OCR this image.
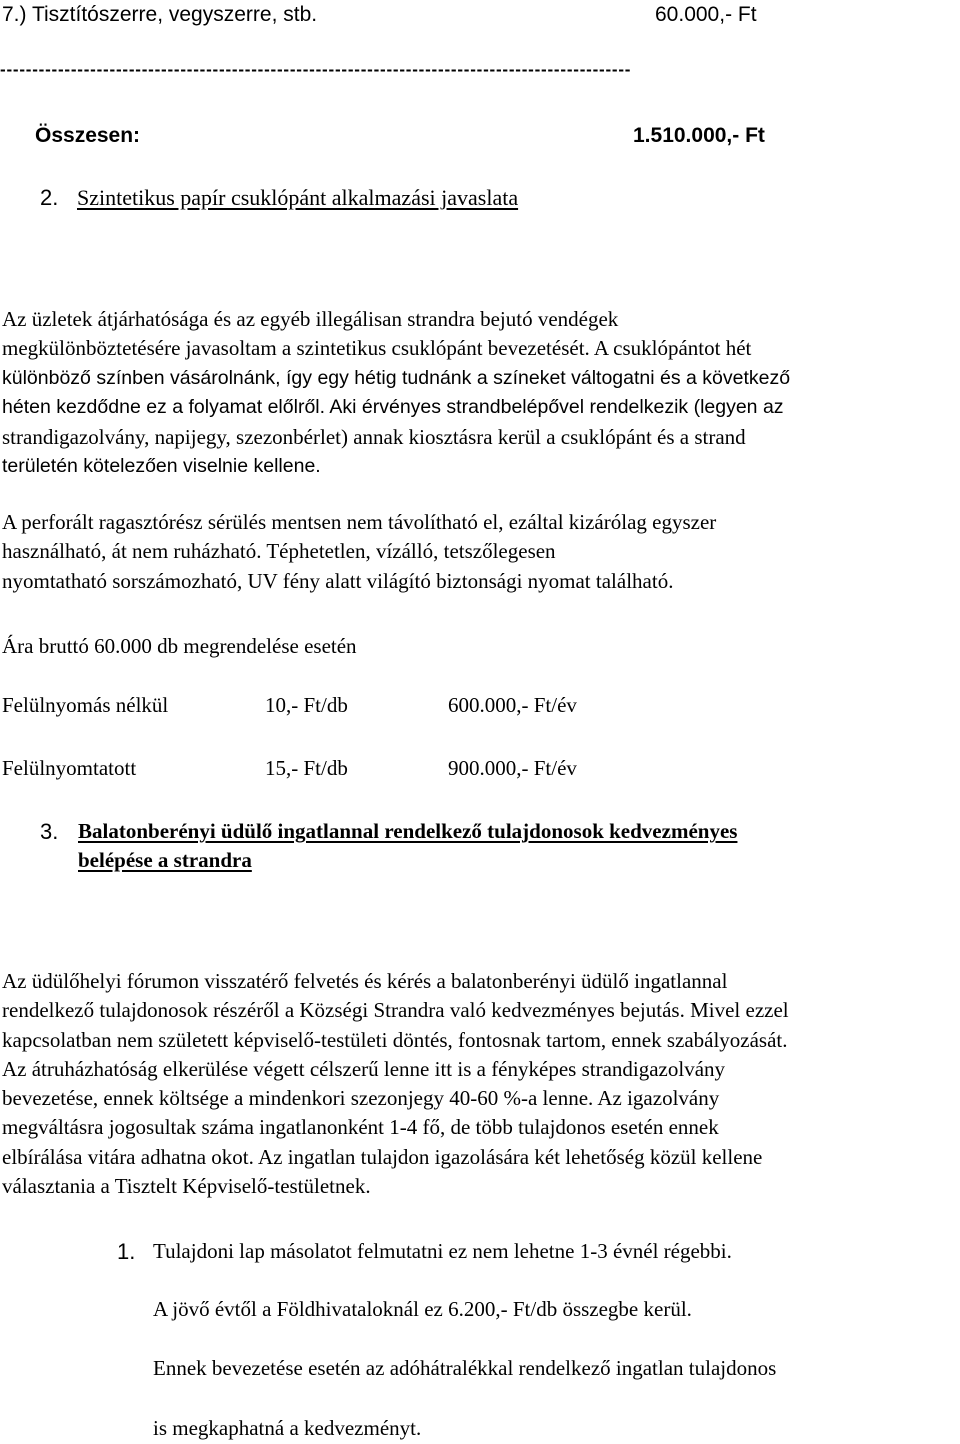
7.) Tisztítószerre, vegyszerre, stb.	60.000,- Ft
--------------------------------------------------------------------------------------------------
Összesen:	1.510.000,- Ft
2. Szintetikus papír csuklópánt alkalmazási javaslata
Az üzletek átjárhatósága és az egyéb illegálisan strandra bejutó vendégek
megkülönböztetésére javasoltam a szintetikus csuklópánt bevezetését. A csuklópántot hét
különböző színben vásárolnánk, így egy hétig tudnánk a színeket váltogatni és a következő
héten kezdődne ez a folyamat előlről. Aki érvényes strandbelépővel rendelkezik (legyen az
strandigazolvány, napijegy, szezonbérlet) annak kiosztásra kerül a csuklópánt és a strand
területén kötelezően viselnie kellene.
A perforált ragasztórész sérülés mentsen nem távolítható el, ezáltal kizárólag egyszer
használható, át nem ruházható. Téphetetlen, vízálló, tetszőlegesen
nyomtatható sorszámozható, UV fény alatt világító biztonsági nyomat található.
Ára bruttó 60.000 db megrendelése esetén
Felülnyomás nélkül	10,- Ft/db	600.000,- Ft/év
Felülnyomtatott	15,- Ft/db	900.000,- Ft/év
3. Balatonberényi üdülő ingatlannal rendelkező tulajdonosok kedvezményes
belépése a strandra
Az üdülőhelyi fórumon visszatérő felvetés és kérés a balatonberényi üdülő ingatlannal
rendelkező tulajdonosok részéről a Községi Strandra való kedvezményes bejutás. Mivel ezzel
kapcsolatban nem született képviselő-testületi döntés, fontosnak tartom, ennek szabályozását.
Az átruházhatóság elkerülése végett célszerű lenne itt is a fényképes strandigazolvány
bevezetése, ennek költsége a mindenkori szezonjegy 40-60 %-a lenne. Az igazolvány
megváltásra jogosultak száma ingatlanonként 1-4 fő, de több tulajdonos esetén ennek
elbírálása vitára adhatna okot. Az ingatlan tulajdon igazolására két lehetőség közül kellene
választania a Tisztelt Képviselő-testületnek.
1. Tulajdoni lap másolatot felmutatni ez nem lehetne 1-3 évnél régebbi.
A jövő évtől a Földhivataloknál ez 6.200,- Ft/db összegbe kerül.
Ennek bevezetése esetén az adóhátralékkal rendelkező ingatlan tulajdonos
is megkaphatná a kedvezményt.
